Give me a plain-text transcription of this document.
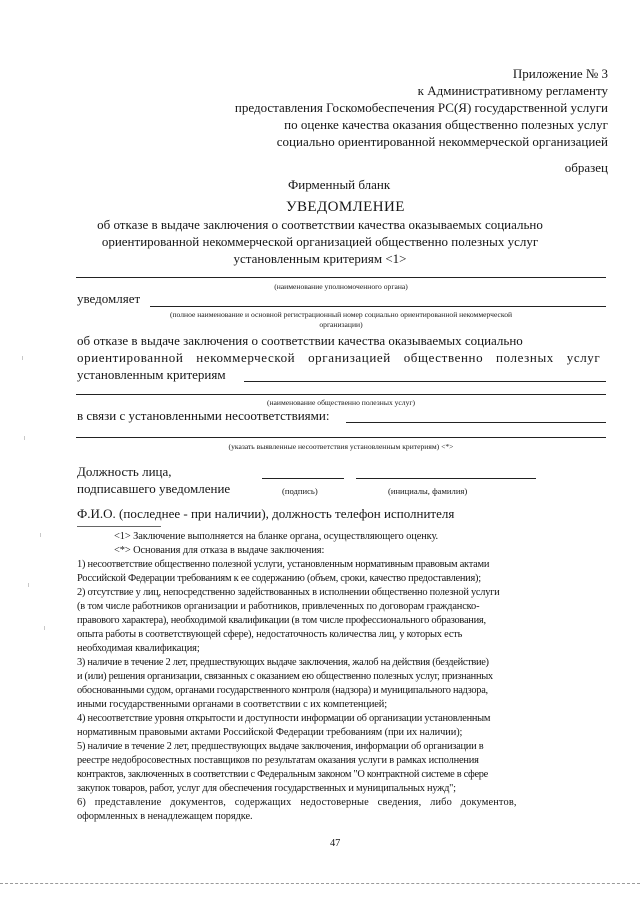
Приложение № 3
к Административному регламенту
предоставления Госкомобеспечения РС(Я) государственной услуги
по оценке качества оказания общественно полезных услуг
социально ориентированной некоммерческой организацией
образец
Фирменный бланк
УВЕДОМЛЕНИЕ
об отказе в выдаче заключения о соответствии качества оказываемых социально
ориентированной некоммерческой организацией общественно полезных услуг
установленным критериям <1>
(наименование уполномоченного органа)
уведомляет
(полное наименование и основной регистрационный номер социально ориентированной некоммерческой
организации)
об отказе в выдаче заключения о соответствии качества оказываемых социально
ориентированной некоммерческой организацией общественно полезных услуг
установленным критериям
(наименование общественно полезных услуг)
в связи с установленными несоответствиями:
(указать выявленные несоответствия установленным критериям) <*>
Должность лица,
подписавшего уведомление	(подпись)	(инициалы, фамилия)
Ф.И.О. (последнее - при наличии), должность телефон исполнителя
<1> Заключение выполняется на бланке органа, осуществляющего оценку.
<*> Основания для отказа в выдаче заключения:
1) несоответствие общественно полезной услуги, установленным нормативным правовым актами
Российской Федерации требованиям к ее содержанию (объем, сроки, качество предоставления);
2) отсутствие у лиц, непосредственно задействованных в исполнении общественно полезной услуги
(в том числе работников организации и работников, привлеченных по договорам гражданско-
правового характера), необходимой квалификации (в том числе профессионального образования,
опыта работы в соответствующей сфере), недостаточность количества лиц, у которых есть
необходимая квалификация;
3) наличие в течение 2 лет, предшествующих выдаче заключения, жалоб на действия (бездействие)
и (или) решения организации, связанных с оказанием ею общественно полезных услуг, признанных
обоснованными судом, органами государственного контроля (надзора) и муниципального надзора,
иными государственными органами в соответствии с их компетенцией;
4) несоответствие уровня открытости и доступности информации об организации установленным
нормативным правовыми актами Российской Федерации требованиям (при их наличии);
5) наличие в течение 2 лет, предшествующих выдаче заключения, информации об организации в
реестре недобросовестных поставщиков по результатам оказания услуги в рамках исполнения
контрактов, заключенных в соответствии с Федеральным законом "О контрактной системе в сфере
закупок товаров, работ, услуг для обеспечения государственных и муниципальных нужд";
6) представление документов, содержащих недостоверные сведения, либо документов,
оформленных в ненадлежащем порядке.
47
